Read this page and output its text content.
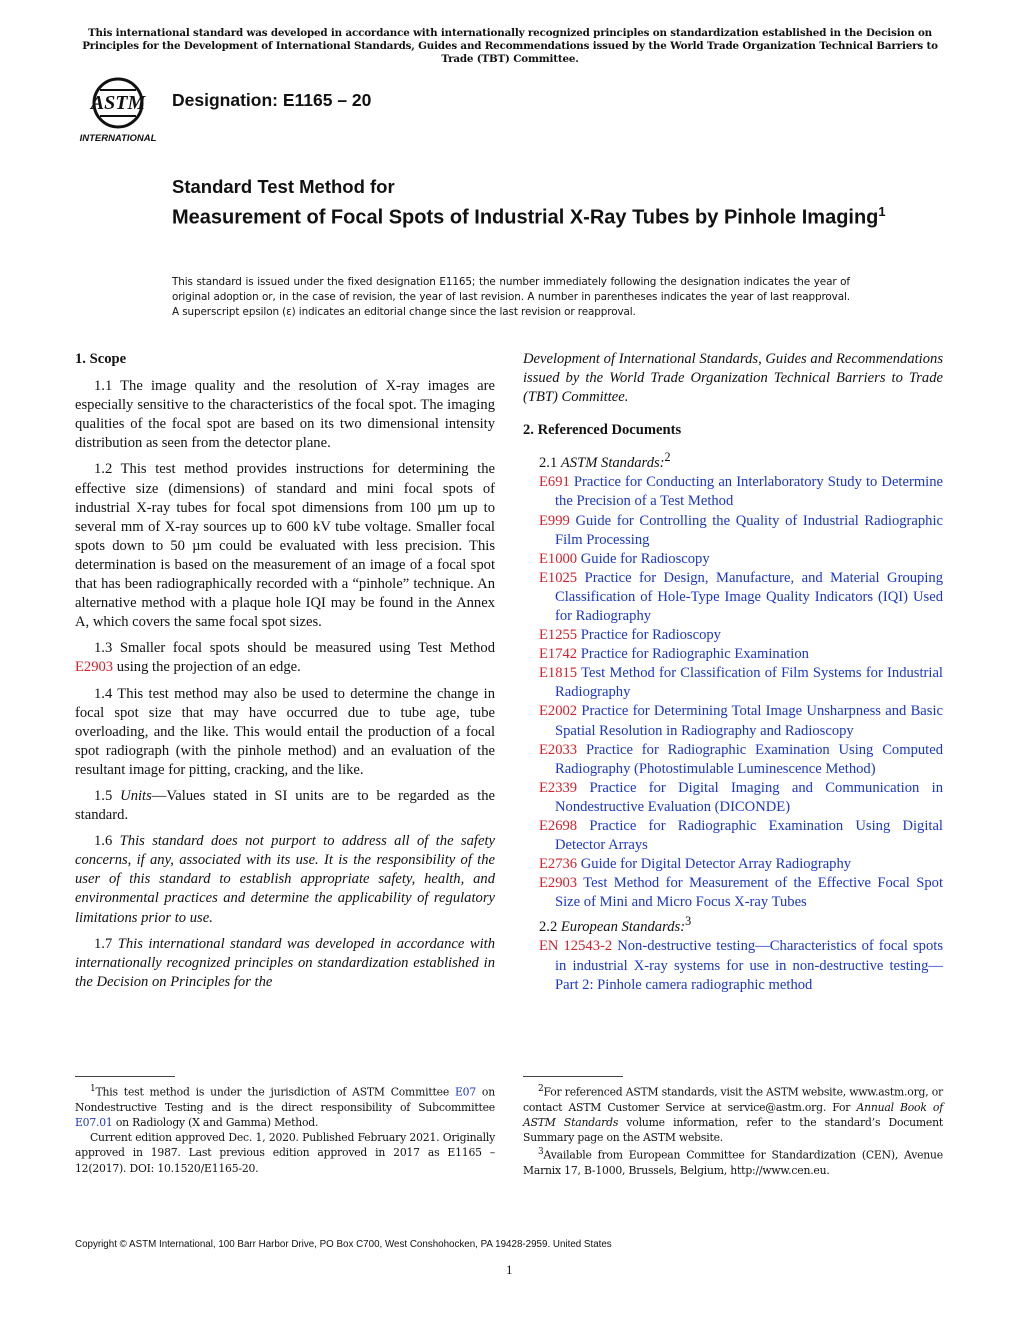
This international standard was developed in accordance with internationally recognized principles on standardization established in the Decision on Principles for the Development of International Standards, Guides and Recommendations issued by the World Trade Organization Technical Barriers to Trade (TBT) Committee.
ASTM
INTERNATIONAL
Designation: E1165 – 20
Standard Test Method for
Measurement of Focal Spots of Industrial X-Ray Tubes by Pinhole Imaging$^1$
This standard is issued under the fixed designation E1165; the number immediately following the designation indicates the year of original adoption or, in the case of revision, the year of last revision. A number in parentheses indicates the year of last reapproval. A superscript epsilon (ε) indicates an editorial change since the last revision or reapproval.
1. Scope

1.1 The image quality and the resolution of X-ray images are especially sensitive to the characteristics of the focal spot. The imaging qualities of the focal spot are based on its two dimensional intensity distribution as seen from the detector plane.

1.2 This test method provides instructions for determining the effective size (dimensions) of standard and mini focal spots of industrial X-ray tubes for focal spot dimensions from 100 µm up to several mm of X-ray sources up to 600 kV tube voltage. Smaller focal spots down to 50 µm could be evaluated with less precision. This determination is based on the measurement of an image of a focal spot that has been radiographically recorded with a “pinhole” technique. An alternative method with a plaque hole IQI may be found in the Annex A, which covers the same focal spot sizes.

1.3 Smaller focal spots should be measured using Test Method E2903 using the projection of an edge.

1.4 This test method may also be used to determine the change in focal spot size that may have occurred due to tube age, tube overloading, and the like. This would entail the production of a focal spot radiograph (with the pinhole method) and an evaluation of the resultant image for pitting, cracking, and the like.

1.5 Units—Values stated in SI units are to be regarded as the standard.

1.6 This standard does not purport to address all of the safety concerns, if any, associated with its use. It is the responsibility of the user of this standard to establish appropriate safety, health, and environmental practices and determine the applicability of regulatory limitations prior to use.

1.7 This international standard was developed in accordance with internationally recognized principles on standardization established in the Decision on Principles for the

Development of International Standards, Guides and Recommendations issued by the World Trade Organization Technical Barriers to Trade (TBT) Committee.

2. Referenced Documents

2.1 ASTM Standards:$^2$

E691 Practice for Conducting an Interlaboratory Study to Determine the Precision of a Test Method

E999 Guide for Controlling the Quality of Industrial Radiographic Film Processing

E1000 Guide for Radioscopy

E1025 Practice for Design, Manufacture, and Material Grouping Classification of Hole-Type Image Quality Indicators (IQI) Used for Radiography

E1255 Practice for Radioscopy

E1742 Practice for Radiographic Examination

E1815 Test Method for Classification of Film Systems for Industrial Radiography

E2002 Practice for Determining Total Image Unsharpness and Basic Spatial Resolution in Radiography and Radioscopy

E2033 Practice for Radiographic Examination Using Computed Radiography (Photostimulable Luminescence Method)

E2339 Practice for Digital Imaging and Communication in Nondestructive Evaluation (DICONDE)

E2698 Practice for Radiographic Examination Using Digital Detector Arrays

E2736 Guide for Digital Detector Array Radiography

E2903 Test Method for Measurement of the Effective Focal Spot Size of Mini and Micro Focus X-ray Tubes

2.2 European Standards:$^3$

EN 12543-2 Non-destructive testing—Characteristics of focal spots in industrial X-ray systems for use in non-destructive testing—Part 2: Pinhole camera radiographic method

$^1$This test method is under the jurisdiction of ASTM Committee E07 on Nondestructive Testing and is the direct responsibility of Subcommittee E07.01 on Radiology (X and Gamma) Method.

Current edition approved Dec. 1, 2020. Published February 2021. Originally approved in 1987. Last previous edition approved in 2017 as E1165 – 12(2017). DOI: 10.1520/E1165-20.

$^2$For referenced ASTM standards, visit the ASTM website, www.astm.org, or contact ASTM Customer Service at service@astm.org. For Annual Book of ASTM Standards volume information, refer to the standard’s Document Summary page on the ASTM website.

$^3$Available from European Committee for Standardization (CEN), Avenue Marnix 17, B-1000, Brussels, Belgium, http://www.cen.eu.

Copyright © ASTM International, 100 Barr Harbor Drive, PO Box C700, West Conshohocken, PA 19428-2959. United States
1
